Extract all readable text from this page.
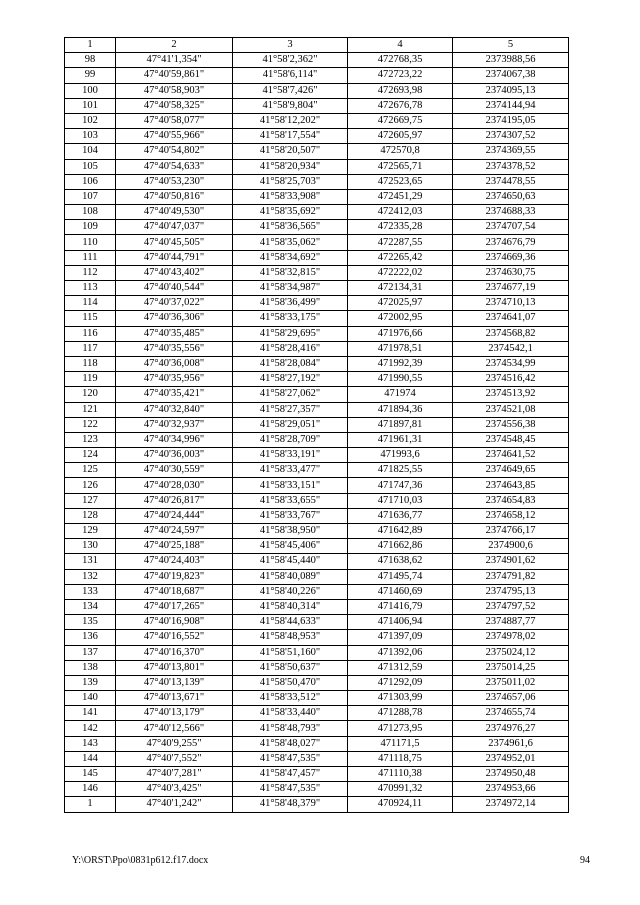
1	2	3	4	5
98	47°41'1,354"	41°58'2,362"	472768,35	2373988,56
99	47°40'59,861"	41°58'6,114"	472723,22	2374067,38
100	47°40'58,903"	41°58'7,426"	472693,98	2374095,13
101	47°40'58,325"	41°58'9,804"	472676,78	2374144,94
102	47°40'58,077"	41°58'12,202"	472669,75	2374195,05
103	47°40'55,966"	41°58'17,554"	472605,97	2374307,52
104	47°40'54,802"	41°58'20,507"	472570,8	2374369,55
105	47°40'54,633"	41°58'20,934"	472565,71	2374378,52
106	47°40'53,230"	41°58'25,703"	472523,65	2374478,55
107	47°40'50,816"	41°58'33,908"	472451,29	2374650,63
108	47°40'49,530"	41°58'35,692"	472412,03	2374688,33
109	47°40'47,037"	41°58'36,565"	472335,28	2374707,54
110	47°40'45,505"	41°58'35,062"	472287,55	2374676,79
111	47°40'44,791"	41°58'34,692"	472265,42	2374669,36
112	47°40'43,402"	41°58'32,815"	472222,02	2374630,75
113	47°40'40,544"	41°58'34,987"	472134,31	2374677,19
114	47°40'37,022"	41°58'36,499"	472025,97	2374710,13
115	47°40'36,306"	41°58'33,175"	472002,95	2374641,07
116	47°40'35,485"	41°58'29,695"	471976,66	2374568,82
117	47°40'35,556"	41°58'28,416"	471978,51	2374542,1
118	47°40'36,008"	41°58'28,084"	471992,39	2374534,99
119	47°40'35,956"	41°58'27,192"	471990,55	2374516,42
120	47°40'35,421"	41°58'27,062"	471974	2374513,92
121	47°40'32,840"	41°58'27,357"	471894,36	2374521,08
122	47°40'32,937"	41°58'29,051"	471897,81	2374556,38
123	47°40'34,996"	41°58'28,709"	471961,31	2374548,45
124	47°40'36,003"	41°58'33,191"	471993,6	2374641,52
125	47°40'30,559"	41°58'33,477"	471825,55	2374649,65
126	47°40'28,030"	41°58'33,151"	471747,36	2374643,85
127	47°40'26,817"	41°58'33,655"	471710,03	2374654,83
128	47°40'24,444"	41°58'33,767"	471636,77	2374658,12
129	47°40'24,597"	41°58'38,950"	471642,89	2374766,17
130	47°40'25,188"	41°58'45,406"	471662,86	2374900,6
131	47°40'24,403"	41°58'45,440"	471638,62	2374901,62
132	47°40'19,823"	41°58'40,089"	471495,74	2374791,82
133	47°40'18,687"	41°58'40,226"	471460,69	2374795,13
134	47°40'17,265"	41°58'40,314"	471416,79	2374797,52
135	47°40'16,908"	41°58'44,633"	471406,94	2374887,77
136	47°40'16,552"	41°58'48,953"	471397,09	2374978,02
137	47°40'16,370"	41°58'51,160"	471392,06	2375024,12
138	47°40'13,801"	41°58'50,637"	471312,59	2375014,25
139	47°40'13,139"	41°58'50,470"	471292,09	2375011,02
140	47°40'13,671"	41°58'33,512"	471303,99	2374657,06
141	47°40'13,179"	41°58'33,440"	471288,78	2374655,74
142	47°40'12,566"	41°58'48,793"	471273,95	2374976,27
143	47°40'9,255"	41°58'48,027"	471171,5	2374961,6
144	47°40'7,552"	41°58'47,535"	471118,75	2374952,01
145	47°40'7,281"	41°58'47,457"	471110,38	2374950,48
146	47°40'3,425"	41°58'47,535"	470991,32	2374953,66
1	47°40'1,242"	41°58'48,379"	470924,11	2374972,14
Y:\ORST\Ppo\0831p612.f17.docx	94
